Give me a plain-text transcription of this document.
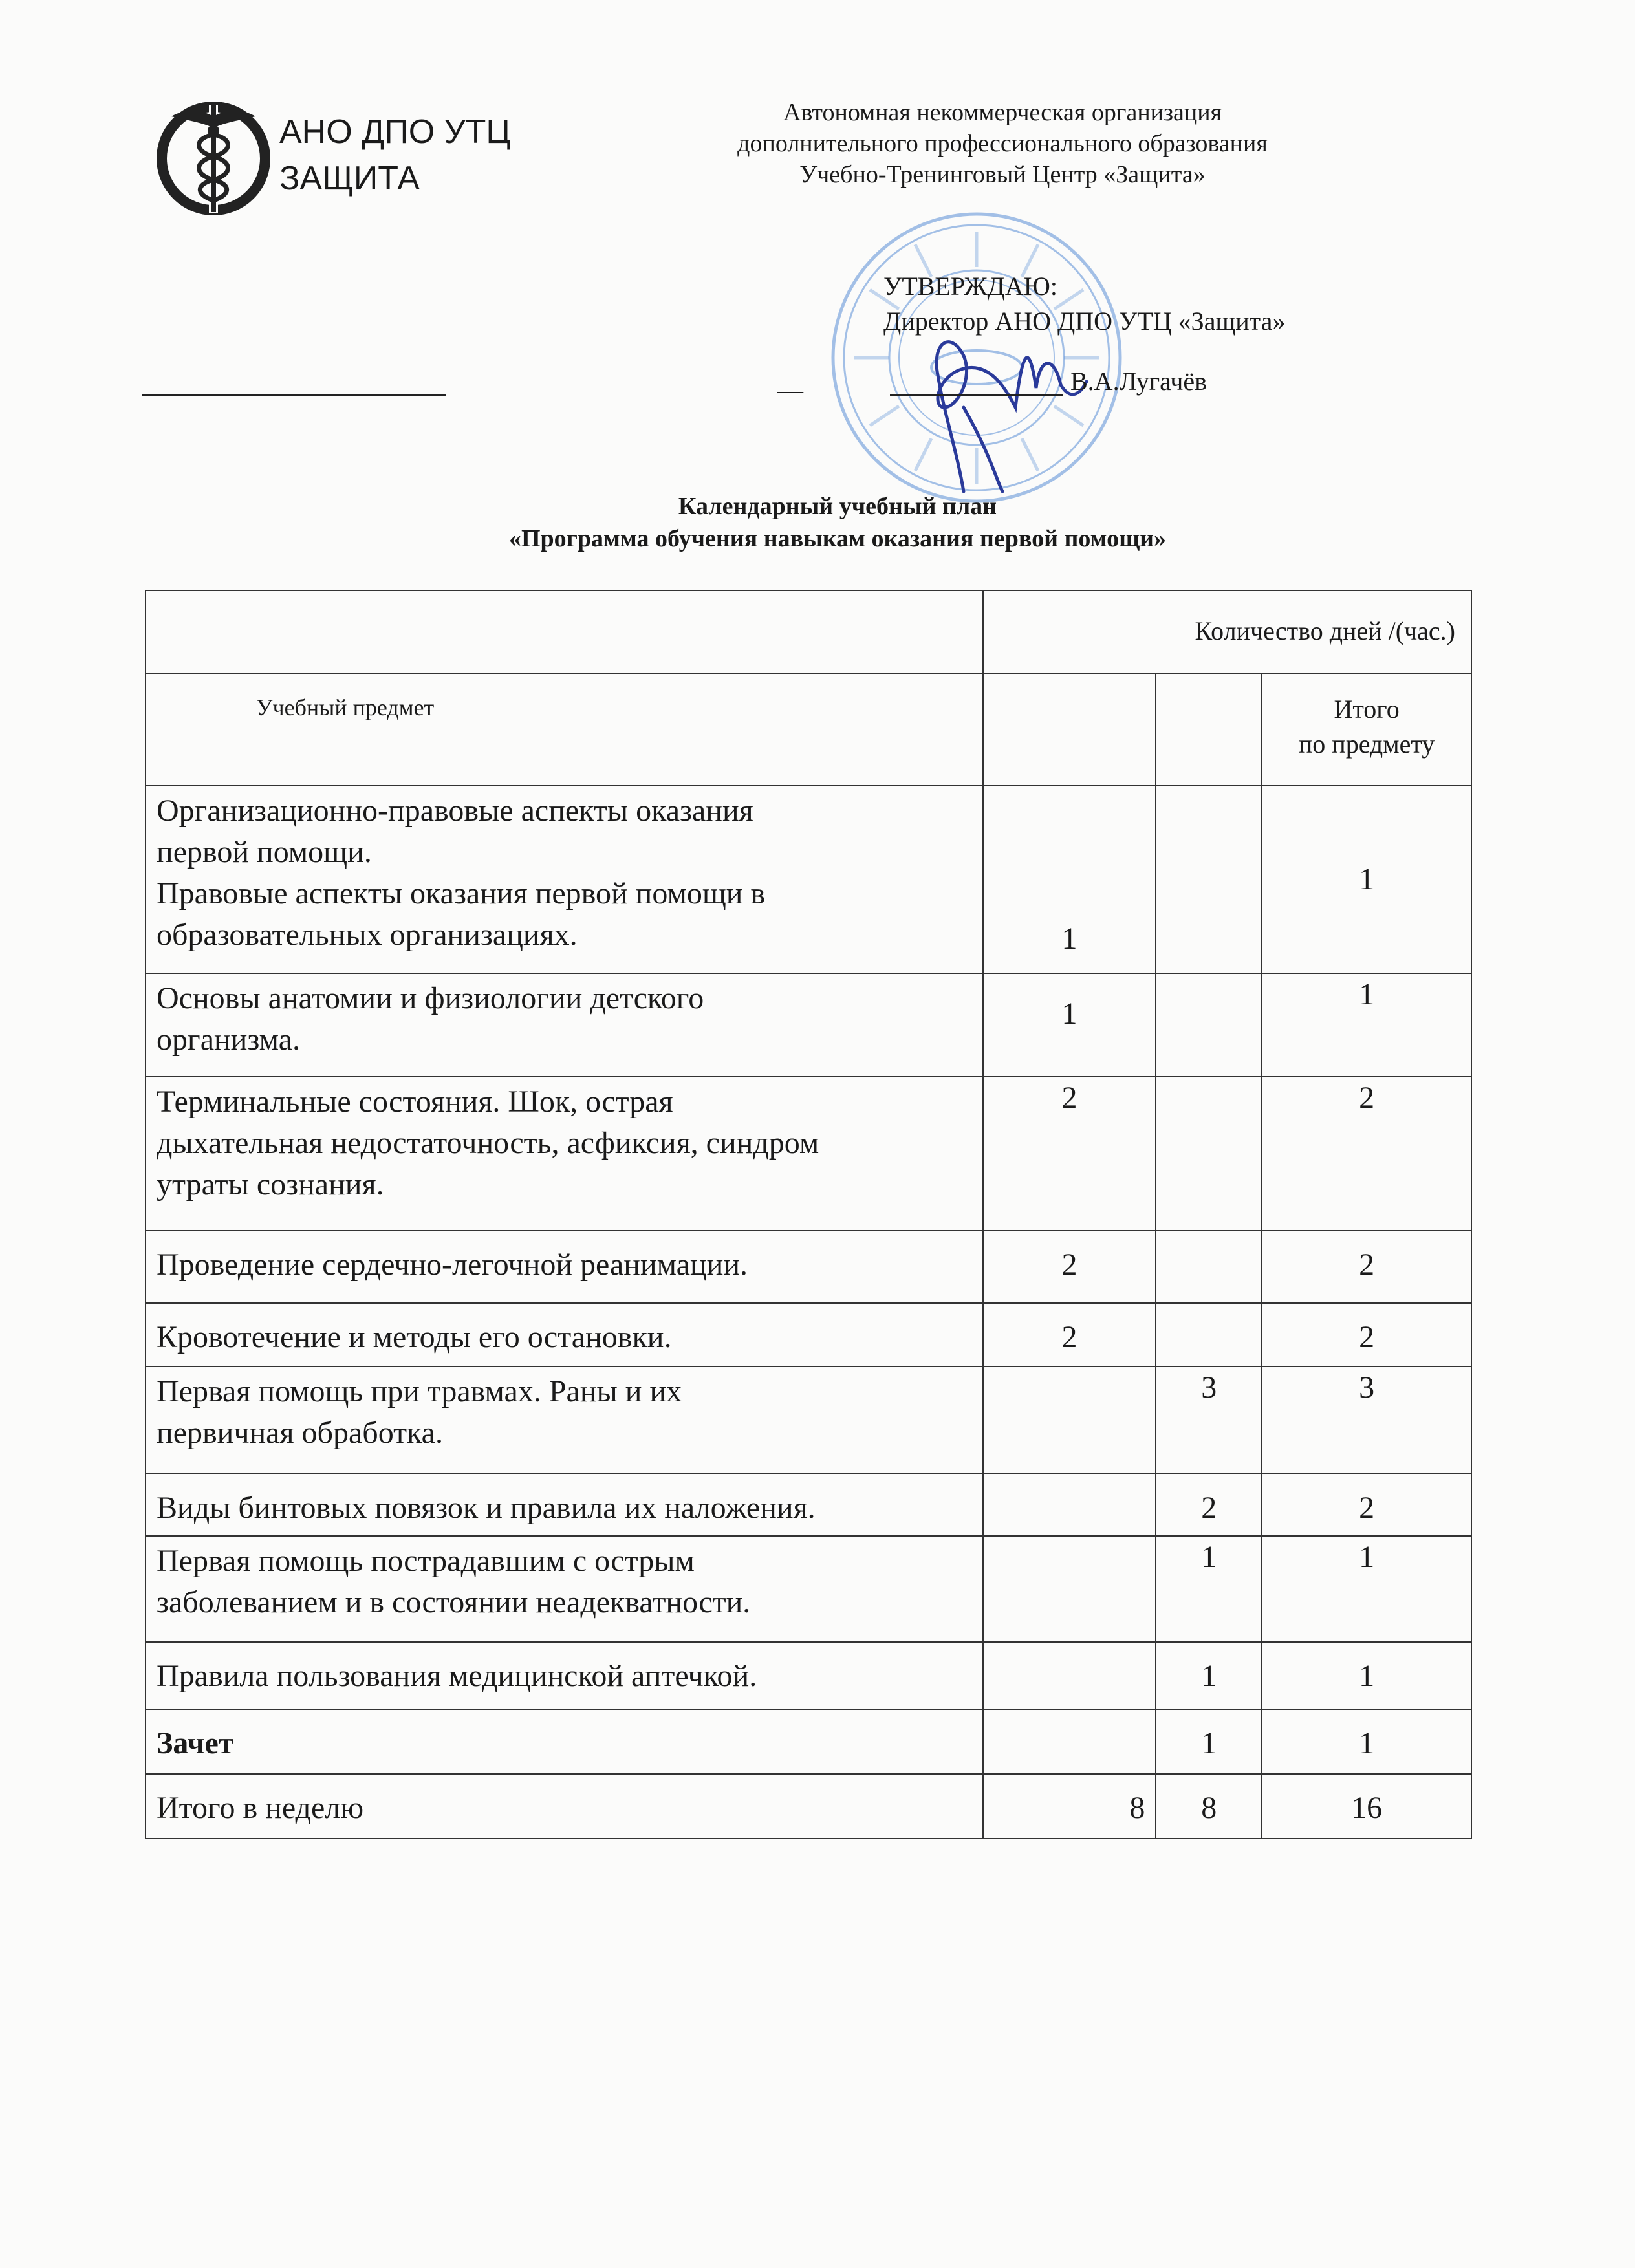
АНО ДПО УТЦ
ЗАЩИТА
Автономная некоммерческая организация
дополнительного профессионального образования
Учебно-Тренинговый Центр «Защита»
УТВЕРЖДАЮ:
Директор АНО ДПО УТЦ «Защита»
__	В.А.Лугачёв
Календарный учебный план
«Программа обучения навыкам оказания первой помощи»
	Количество дней /(час.)		
Учебный предмет			Итого
по предмету

Организационно-правовые аспекты оказания
первой помощи.
Правовые аспекты оказания первой помощи в
образовательных организациях.	1		1

Основы анатомии и физиологии детского
организма.	1		1

Терминальные состояния. Шок, острая
дыхательная недостаточность, асфиксия, синдром
утраты сознания.	2		2

Проведение сердечно-легочной реанимации.	2		2

Кровотечение и методы его остановки.	2		2

Первая помощь при травмах. Раны и их
первичная обработка.		3	3

Виды бинтовых повязок и правила их наложения.		2	2

Первая помощь пострадавшим с острым
заболеванием и в состоянии неадекватности.		1	1

Правила пользования медицинской аптечкой.		1	1

Зачет		1	1

Итого в неделю	8	8	16
